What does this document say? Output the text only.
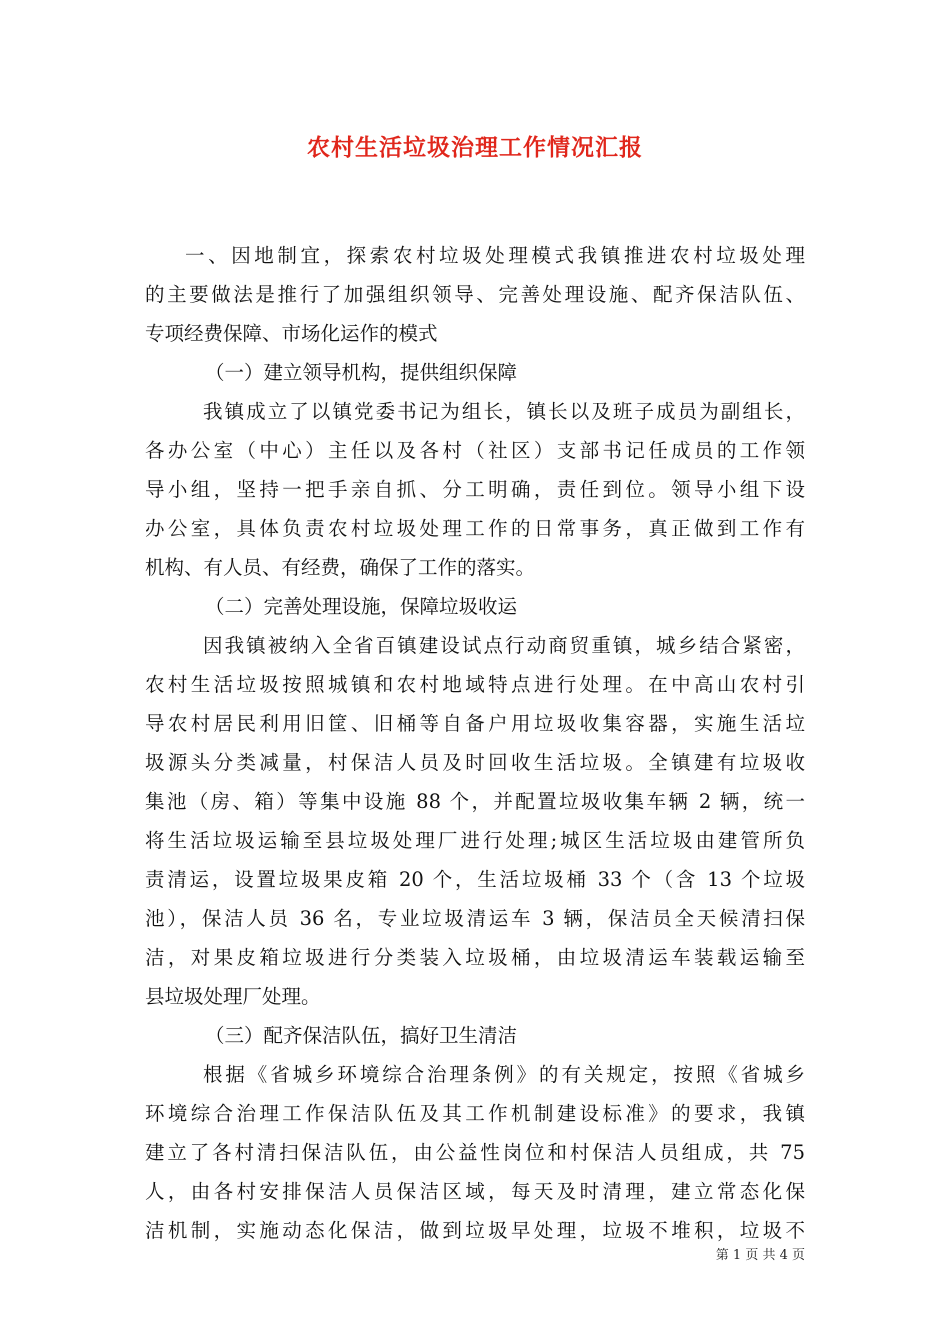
农村生活垃圾治理工作情况汇报
一、因地制宜，探索农村垃圾处理模式我镇推进农村垃圾处理
的主要做法是推行了加强组织领导、完善处理设施、配齐保洁队伍、
专项经费保障、市场化运作的模式
（一）建立领导机构，提供组织保障
我镇成立了以镇党委书记为组长，镇长以及班子成员为副组长，
各办公室（中心）主任以及各村（社区）支部书记任成员的工作领
导小组，坚持一把手亲自抓、分工明确，责任到位。领导小组下设
办公室，具体负责农村垃圾处理工作的日常事务，真正做到工作有
机构、有人员、有经费，确保了工作的落实。
（二）完善处理设施，保障垃圾收运
因我镇被纳入全省百镇建设试点行动商贸重镇，城乡结合紧密，
农村生活垃圾按照城镇和农村地域特点进行处理。在中高山农村引
导农村居民利用旧筐、旧桶等自备户用垃圾收集容器，实施生活垃
圾源头分类减量，村保洁人员及时回收生活垃圾。全镇建有垃圾收
集池（房、箱）等集中设施 88 个，并配置垃圾收集车辆 2 辆，统一
将生活垃圾运输至县垃圾处理厂进行处理;城区生活垃圾由建管所负
责清运，设置垃圾果皮箱 20 个，生活垃圾桶 33 个（含 13 个垃圾
池），保洁人员 36 名，专业垃圾清运车 3 辆，保洁员全天候清扫保
洁，对果皮箱垃圾进行分类装入垃圾桶，由垃圾清运车装载运输至
县垃圾处理厂处理。
（三）配齐保洁队伍，搞好卫生清洁
根据《省城乡环境综合治理条例》的有关规定，按照《省城乡
环境综合治理工作保洁队伍及其工作机制建设标准》的要求，我镇
建立了各村清扫保洁队伍，由公益性岗位和村保洁人员组成，共 75
人，由各村安排保洁人员保洁区域，每天及时清理，建立常态化保
洁机制，实施动态化保洁，做到垃圾早处理，垃圾不堆积，垃圾不
第 1 页 共 4 页
